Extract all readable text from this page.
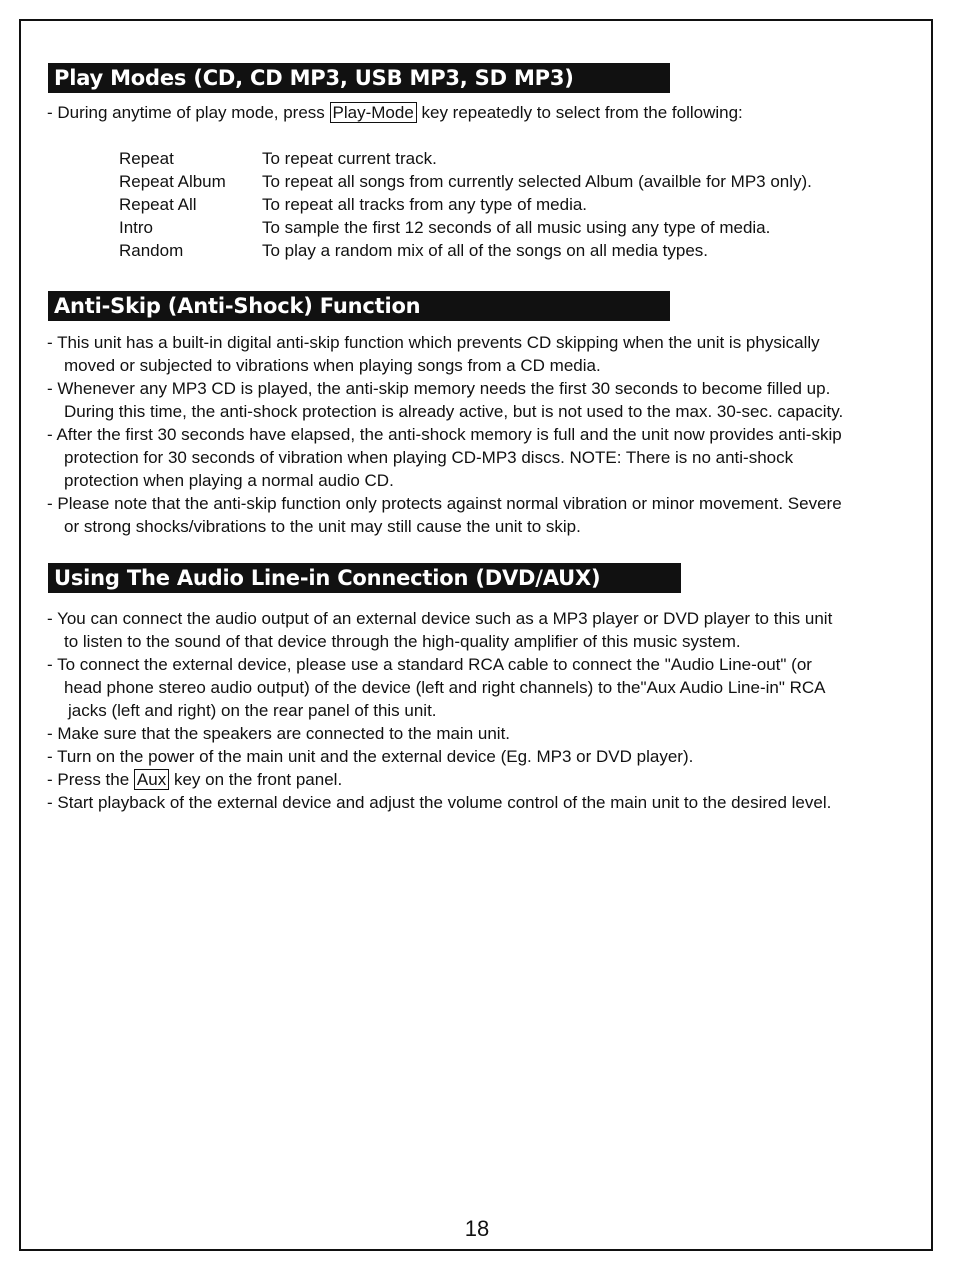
Play Modes (CD, CD MP3, USB MP3, SD MP3)
- During anytime of play mode, press Play-Mode key repeatedly to select from the following:
Repeat	To repeat current track.
Repeat Album To repeat all songs from currently selected Album (availble for MP3 only).
Repeat All	To repeat all tracks from any type of media.
Intro	To sample the first 12 seconds of all music using any type of media.
Random	To play a random mix of all of the songs on all media types.
Anti-Skip (Anti-Shock) Function
- This unit has a built-in digital anti-skip function which prevents CD skipping when the unit is physically
moved or subjected to vibrations when playing songs from a CD media.
- Whenever any MP3 CD is played, the anti-skip memory needs the first 30 seconds to become filled up.
During this time, the anti-shock protection is already active, but is not used to the max. 30-sec. capacity.
- After the first 30 seconds have elapsed, the anti-shock memory is full and the unit now provides anti-skip
protection for 30 seconds of vibration when playing CD-MP3 discs. NOTE: There is no anti-shock
protection when playing a normal audio CD.
- Please note that the anti-skip function only protects against normal vibration or minor movement. Severe
or strong shocks/vibrations to the unit may still cause the unit to skip.
Using The Audio Line-in Connection (DVD/AUX)
- You can connect the audio output of an external device such as a MP3 player or DVD player to this unit
to listen to the sound of that device through the high-quality amplifier of this music system.
- To connect the external device, please use a standard RCA cable to connect the "Audio Line-out" (or
head phone stereo audio output) of the device (left and right channels) to the"Aux Audio Line-in" RCA
jacks (left and right) on the rear panel of this unit.
- Make sure that the speakers are connected to the main unit.
- Turn on the power of the main unit and the external device (Eg. MP3 or DVD player).
- Press the Aux key on the front panel.
- Start playback of the external device and adjust the volume control of the main unit to the desired level.
18
